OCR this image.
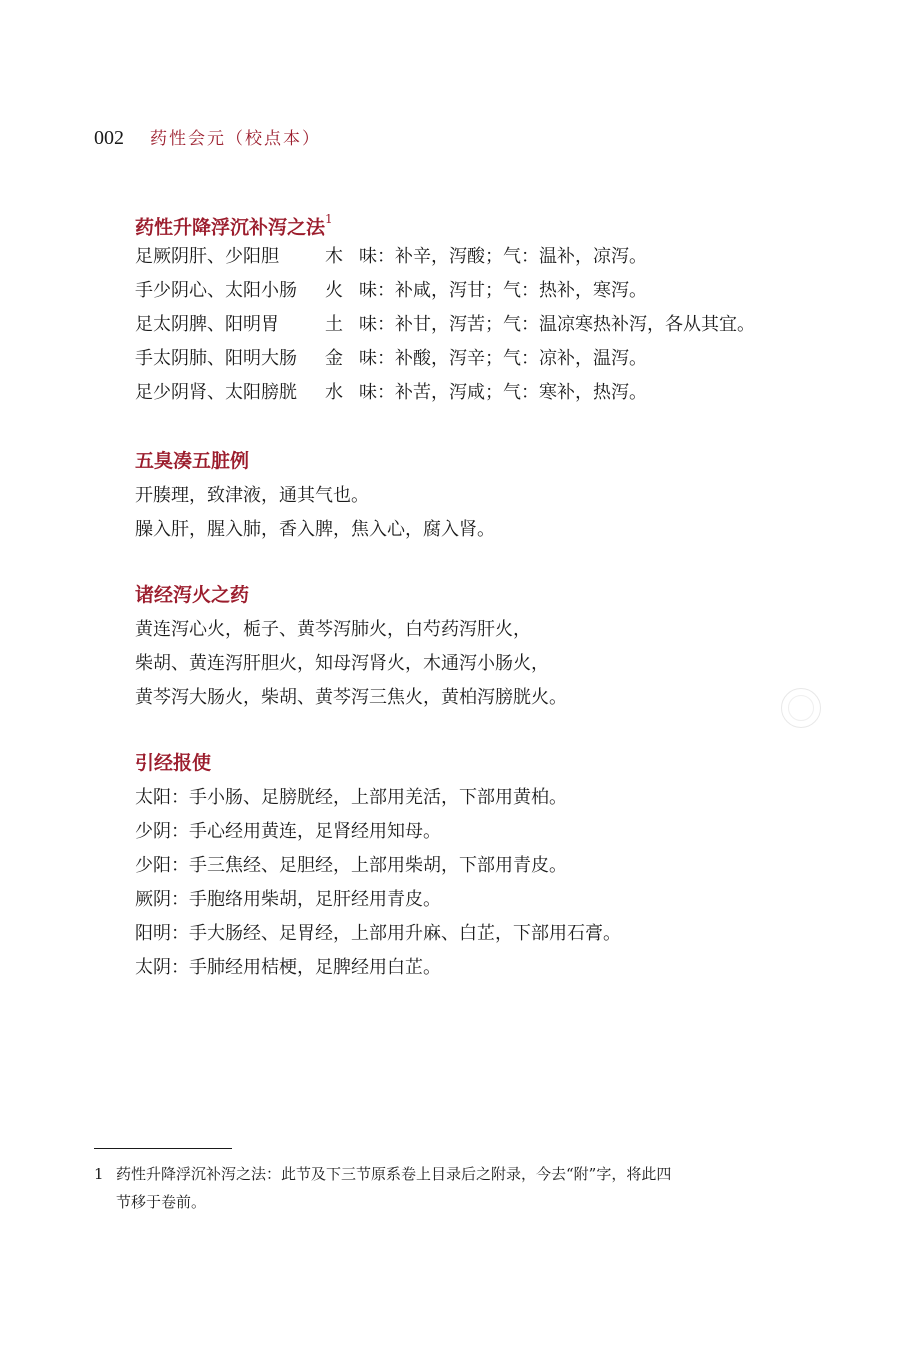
002 药性会元（校点本）
药性升降浮沉补泻之法$^1$
足厥阴肝、少阳胆	木 味：补辛，泻酸；气：温补，凉泻。
手少阴心、太阳小肠	火 味：补咸，泻甘；气：热补，寒泻。
足太阴脾、阳明胃	土 味：补甘，泻苦；气：温凉寒热补泻，各从其宜。
手太阴肺、阳明大肠	金 味：补酸，泻辛；气：凉补，温泻。
足少阴肾、太阳膀胱	水 味：补苦，泻咸；气：寒补，热泻。
五臭凑五脏例
开腠理，致津液，通其气也。
臊入肝，腥入肺，香入脾，焦入心，腐入肾。
诸经泻火之药
黄连泻心火，栀子、黄芩泻肺火，白芍药泻肝火，
柴胡、黄连泻肝胆火，知母泻肾火，木通泻小肠火，
黄芩泻大肠火，柴胡、黄芩泻三焦火，黄柏泻膀胱火。
引经报使
太阳：手小肠、足膀胱经，上部用羌活，下部用黄柏。
少阴：手心经用黄连，足肾经用知母。
少阳：手三焦经、足胆经，上部用柴胡，下部用青皮。
厥阴：手胞络用柴胡，足肝经用青皮。
阳明：手大肠经、足胃经，上部用升麻、白芷，下部用石膏。
太阴：手肺经用桔梗，足脾经用白芷。
1 药性升降浮沉补泻之法：此节及下三节原系卷上目录后之附录，今去“附”字，将此四
节移于卷前。
